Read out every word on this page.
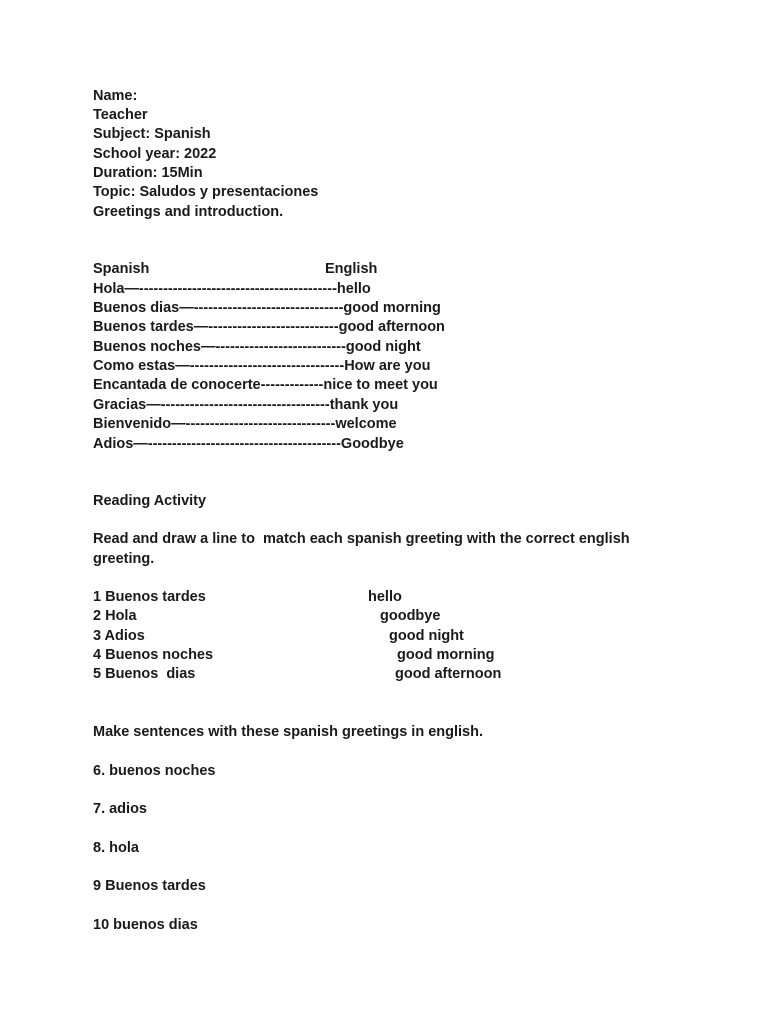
Name:
Teacher
Subject: Spanish
School year: 2022
Duration: 15Min
Topic: Saludos y presentaciones
Greetings and introduction.
Spanish	English
Hola—-----------------------------------------hello
Buenos dias—-------------------------------good morning
Buenos tardes—---------------------------good afternoon
Buenos noches—---------------------------good night
Como estas—--------------------------------How are you
Encantada de conocerte-------------nice to meet you
Gracias—-----------------------------------thank you
Bienvenido—-------------------------------welcome
Adios—----------------------------------------Goodbye
Reading Activity
Read and draw a line to  match each spanish greeting with the correct english
greeting.
1 Buenos tardes
2 Hola
3 Adios
4 Buenos noches
5 Buenos  dias
hello
goodbye
good night
good morning
good afternoon
Make sentences with these spanish greetings in english.
6. buenos noches
7. adios
8. hola
9 Buenos tardes
10 buenos dias
